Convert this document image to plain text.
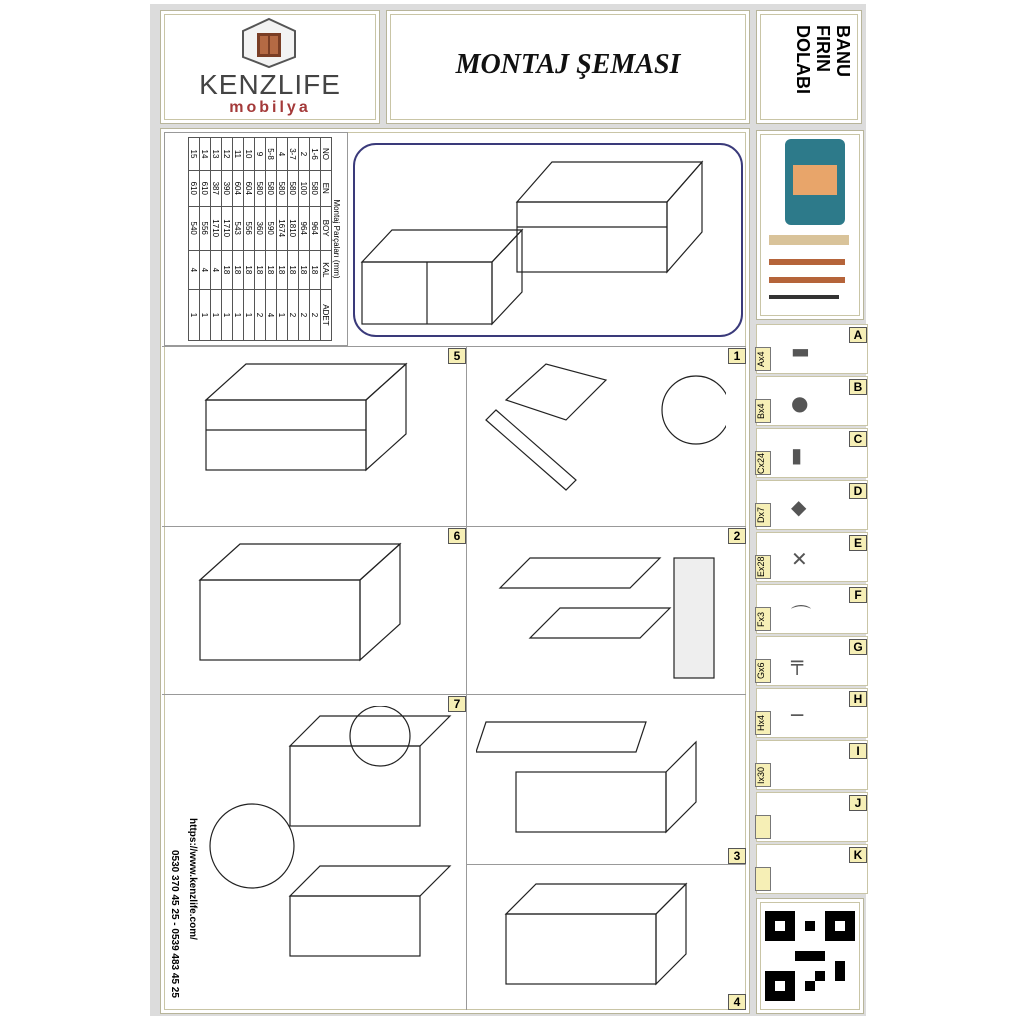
KENZLIFE
mobilya
MONTAJ ŞEMASI	BANU
FIRIN
DOLABI
Montaj Parçaları (mm)
NO	EN	BOY	KAL	ADET
1-6	580	964	18	2
2	100	964	18	2
3-7	580	1810	18	2
4	580	1674	18	1
5-8	580	590	18	4
9	580	360	18	2
10	604	556	18	1
11	604	543	18	1
12	390	1710	18	1
13	387	1710	4	1
14	610	556	4	1
15	610	540	4	1
1
2
3
4
5
6
7
0530 370 45 25 - 0539 483 45 25 https://www.kenzlife.com/
A
Ax4 ▬
B
Bx4 ●
C
Cx24 ▮
D
Dx7 ◆
E
Ex28 ✕
F
Fx3 ⌒
G
Gx6 ╤
H
Hx4 ─
I
Ix30
J
K
